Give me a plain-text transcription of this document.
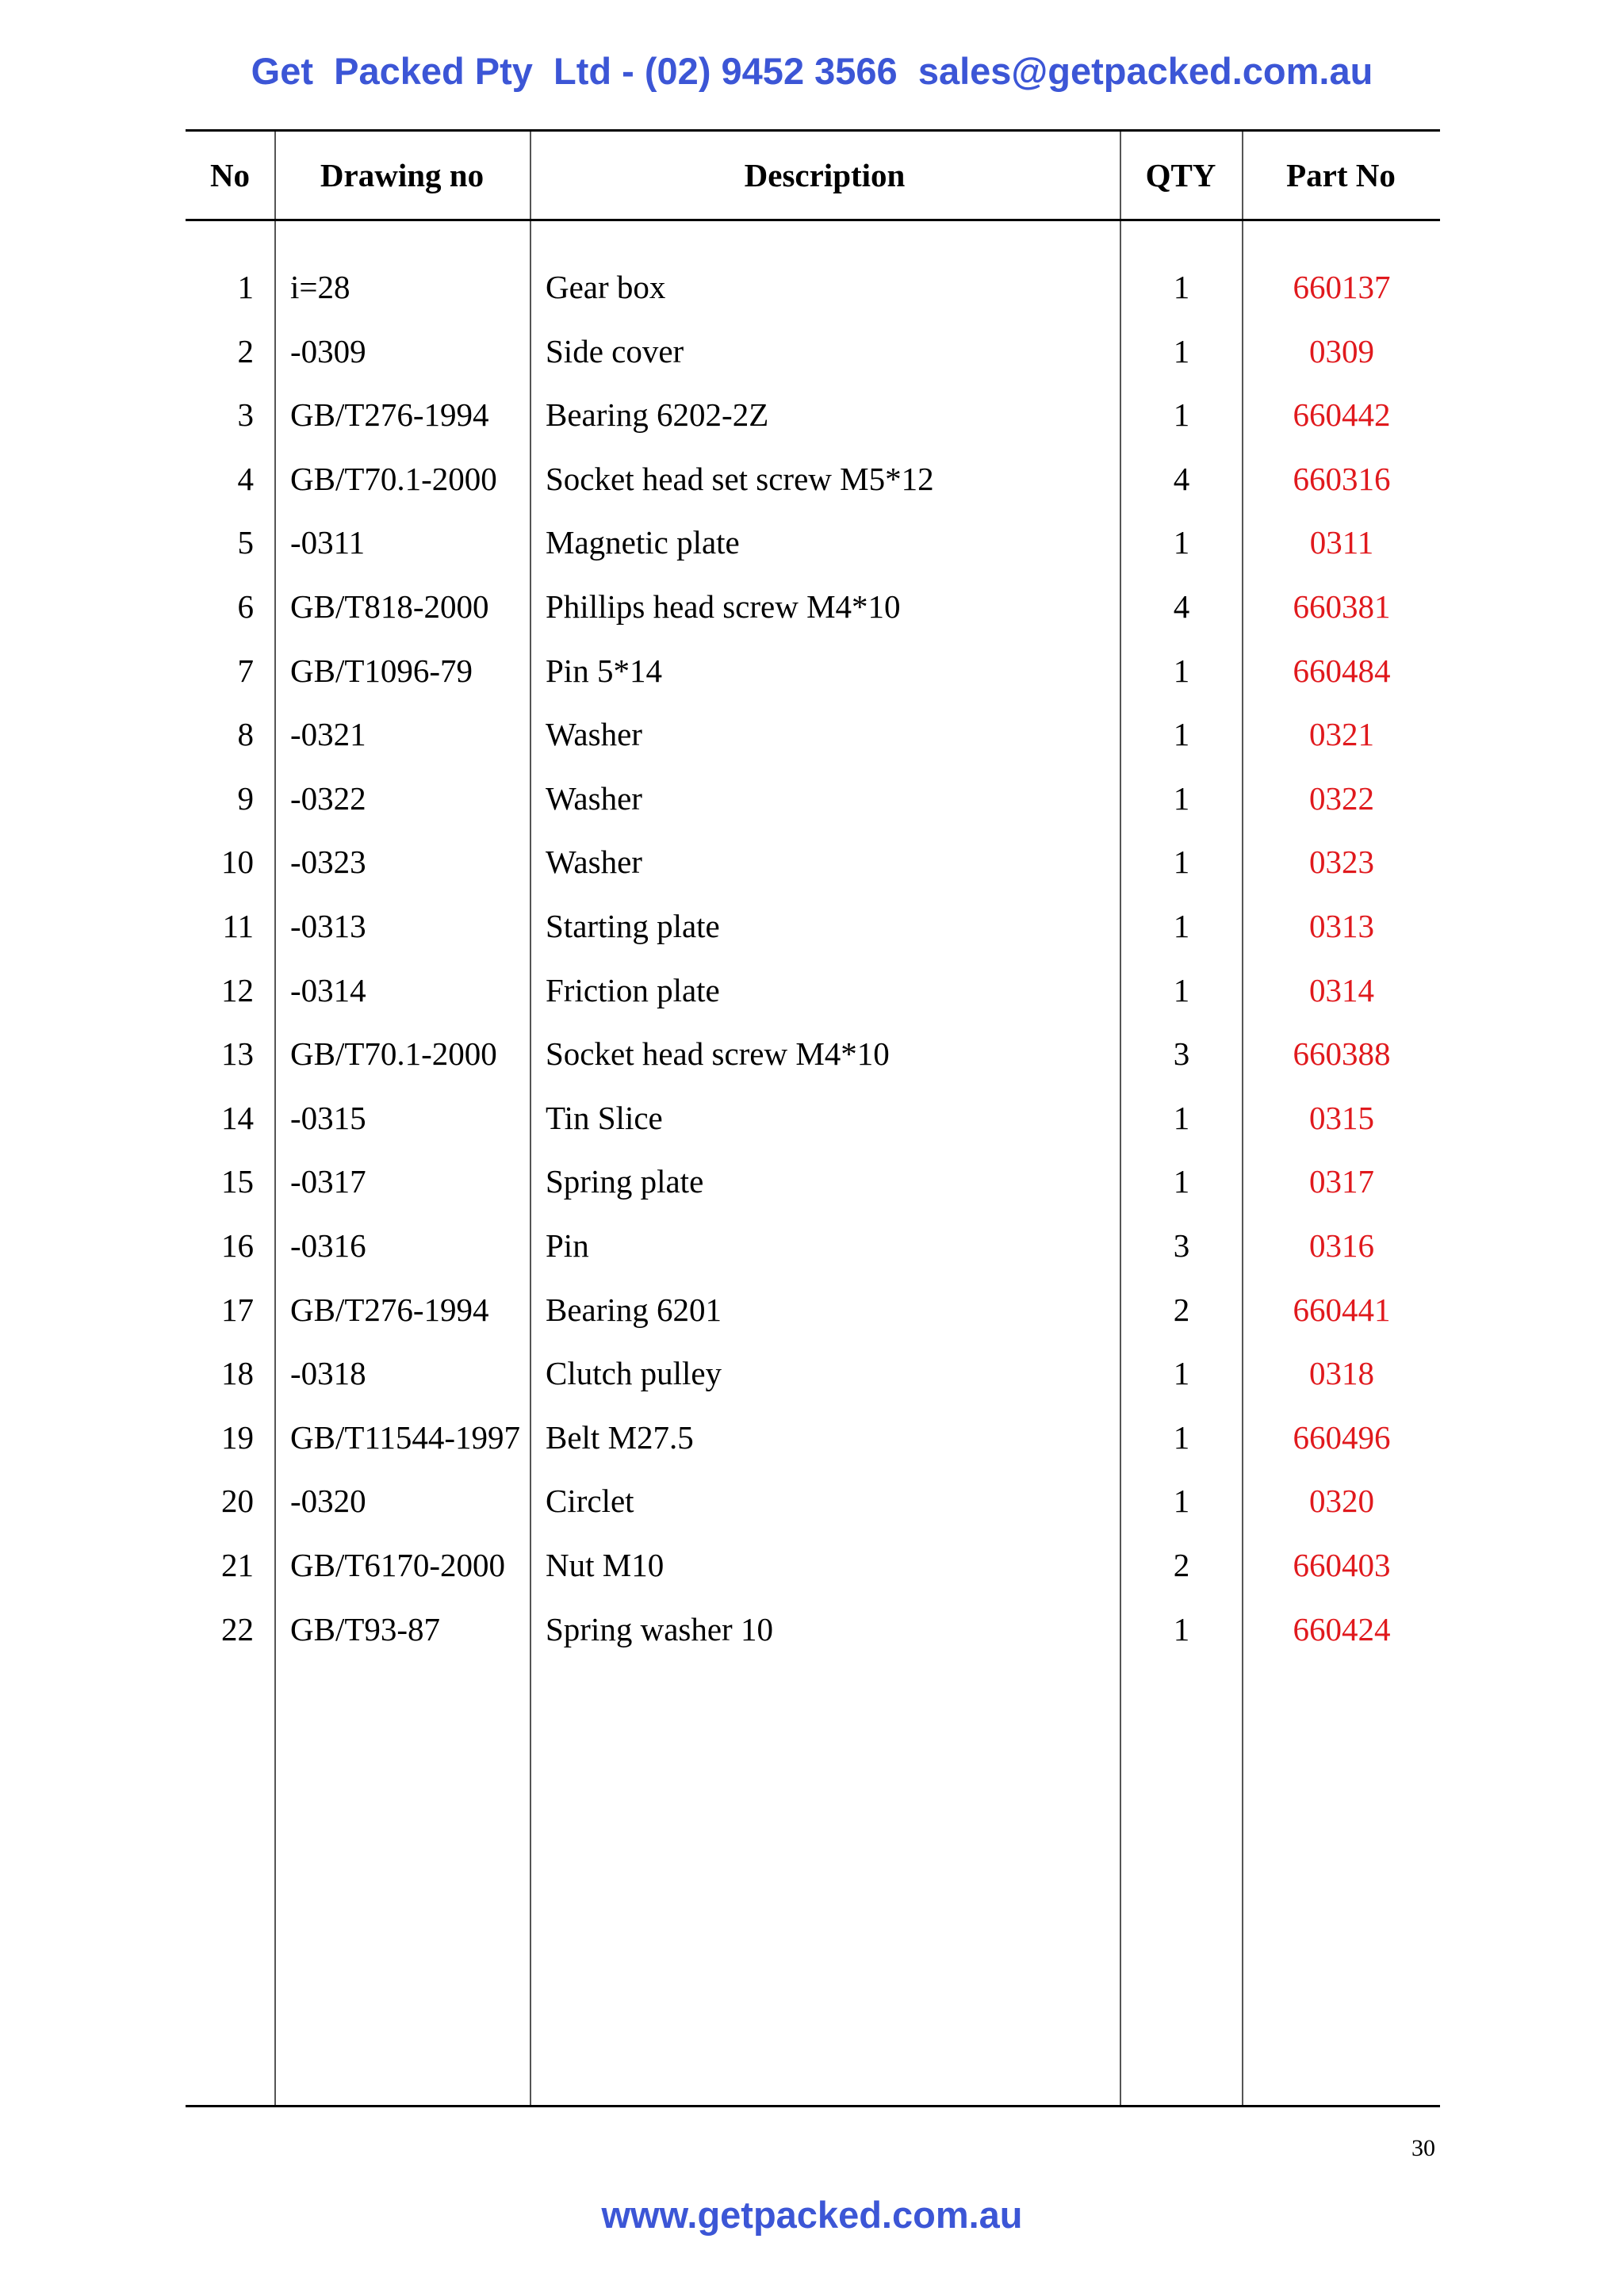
Get  Packed Pty  Ltd - (02) 9452 3566  sales@getpacked.com.au
No	Drawing no	Description	QTY	Part No
1 i=28	Gear box	1	660137
2 -0309	Side cover	1	0309
3 GB/T276-1994 Bearing 6202-2Z	1	660442
4 GB/T70.1-2000 Socket head set screw M5*12	4	660316
5 -0311	Magnetic plate	1	0311
6 GB/T818-2000 Phillips head screw M4*10	4	660381
7 GB/T1096-79 Pin 5*14	1	660484
8 -0321	Washer	1	0321
9 -0322	Washer	1	0322
10 -0323	Washer	1	0323
11 -0313	Starting plate	1	0313
12 -0314	Friction plate	1	0314
13 GB/T70.1-2000 Socket head screw M4*10	3	660388
14 -0315	Tin Slice	1	0315
15 -0317	Spring plate	1	0317
16 -0316	Pin	3	0316
17 GB/T276-1994 Bearing 6201	2	660441
18 -0318	Clutch pulley	1	0318
19 GB/T11544-1997 Belt M27.5	1	660496
20 -0320	Circlet	1	0320
21 GB/T6170-2000 Nut M10	2	660403
22 GB/T93-87	Spring washer 10	1	660424
30
www.getpacked.com.au
